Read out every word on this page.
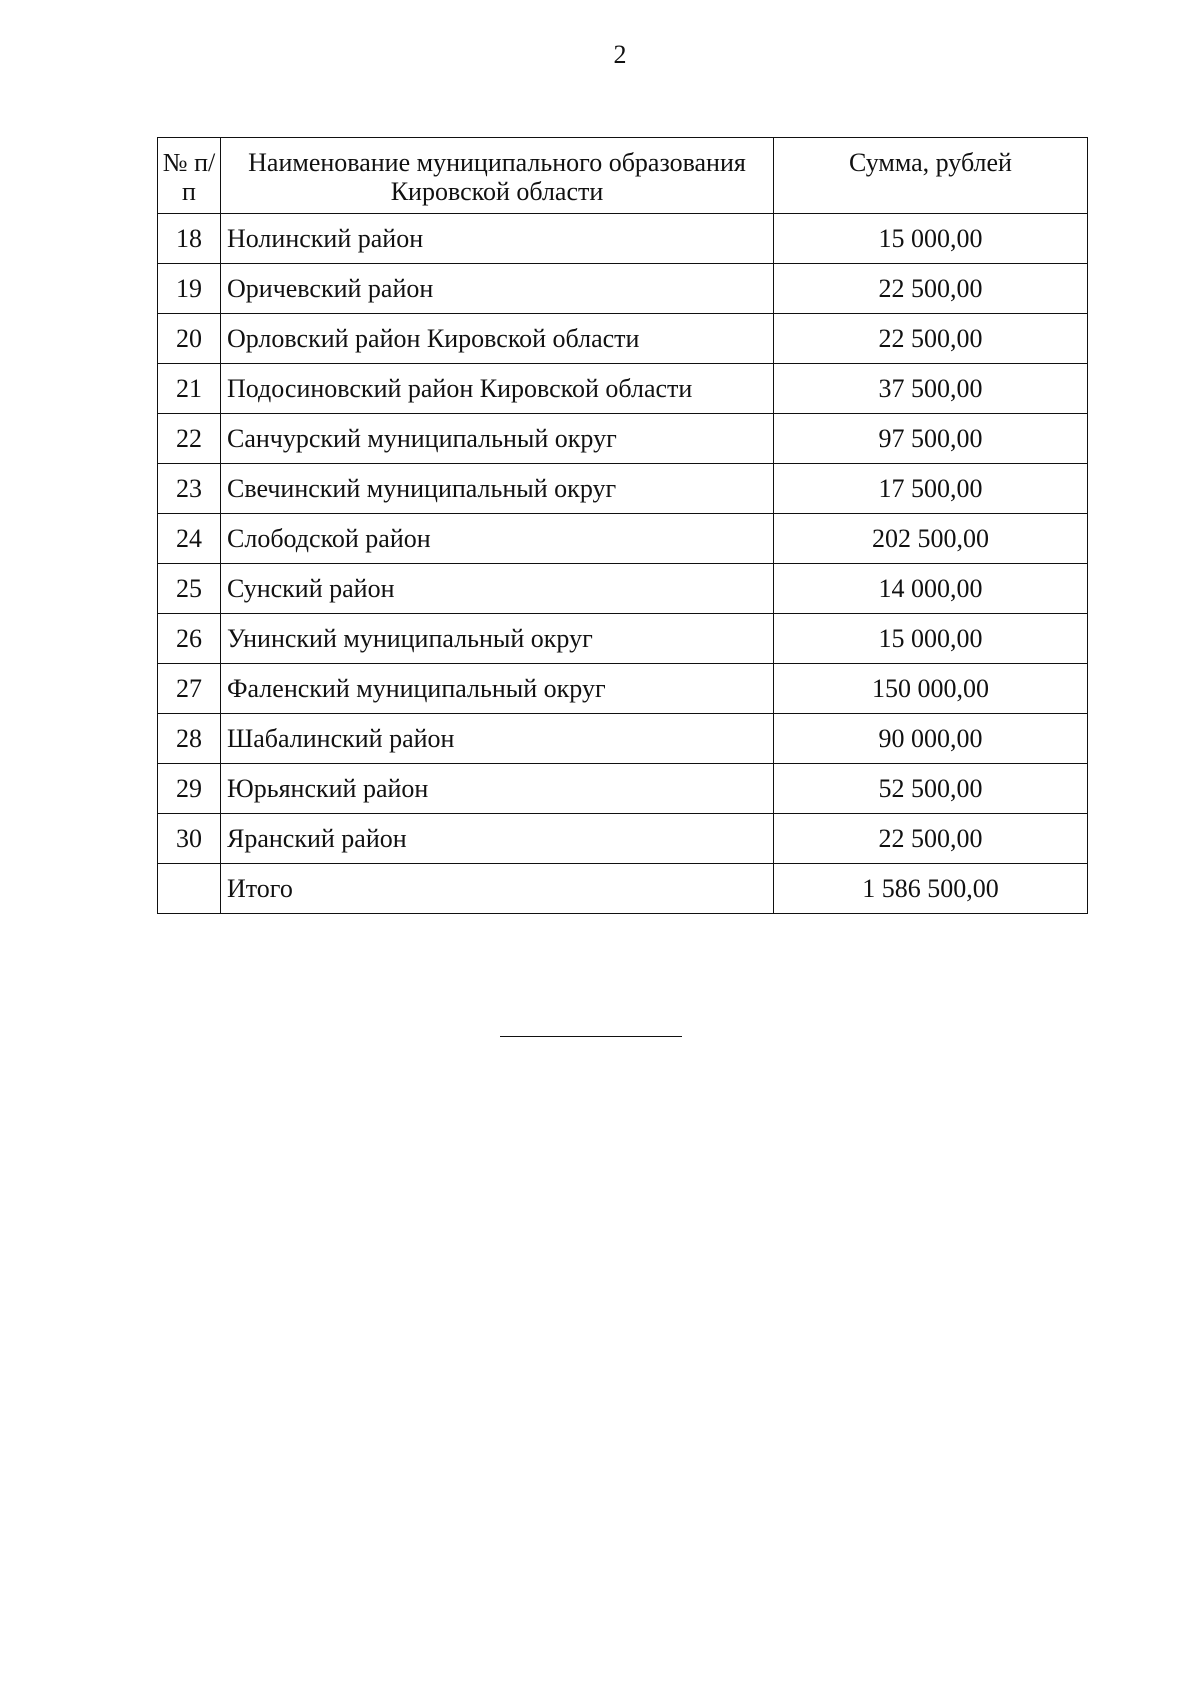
2
№ п/п	Наименование муниципального образования Кировской области	Сумма, рублей
18	Нолинский район	15 000,00
19	Оричевский район	22 500,00
20	Орловский район Кировской области	22 500,00
21	Подосиновский район Кировской области	37 500,00
22	Санчурский муниципальный округ	97 500,00
23	Свечинский муниципальный округ	17 500,00
24	Слободской район	202 500,00
25	Сунский район	14 000,00
26	Унинский муниципальный округ	15 000,00
27	Фаленский муниципальный округ	150 000,00
28	Шабалинский район	90 000,00
29	Юрьянский район	52 500,00
30	Яранский район	22 500,00
	Итого	1 586 500,00
